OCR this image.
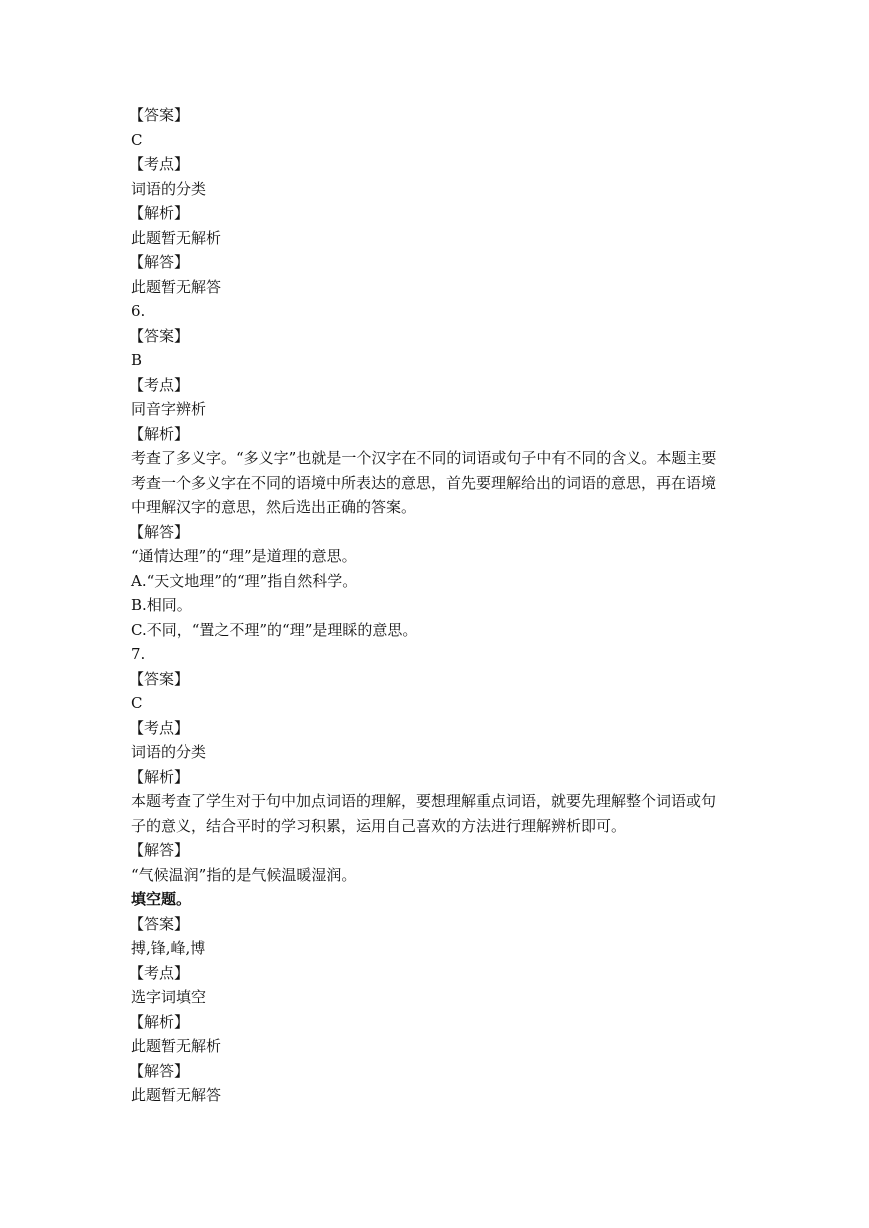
【答案】
C
【考点】
词语的分类
【解析】
此题暂无解析
【解答】
此题暂无解答
6.
【答案】
B
【考点】
同音字辨析
【解析】
考查了多义字。“多义字”也就是一个汉字在不同的词语或句子中有不同的含义。本题主要
考查一个多义字在不同的语境中所表达的意思，首先要理解给出的词语的意思，再在语境
中理解汉字的意思，然后选出正确的答案。
【解答】
“通情达理”的“理”是道理的意思。
A.“天文地理”的“理”指自然科学。
B.相同。
C.不同，“置之不理”的“理”是理睬的意思。
7.
【答案】
C
【考点】
词语的分类
【解析】
本题考查了学生对于句中加点词语的理解，要想理解重点词语，就要先理解整个词语或句
子的意义，结合平时的学习积累，运用自己喜欢的方法进行理解辨析即可。
【解答】
“气候温润”指的是气候温暖湿润。
填空题。
【答案】
搏,锋,峰,博
【考点】
选字词填空
【解析】
此题暂无解析
【解答】
此题暂无解答
